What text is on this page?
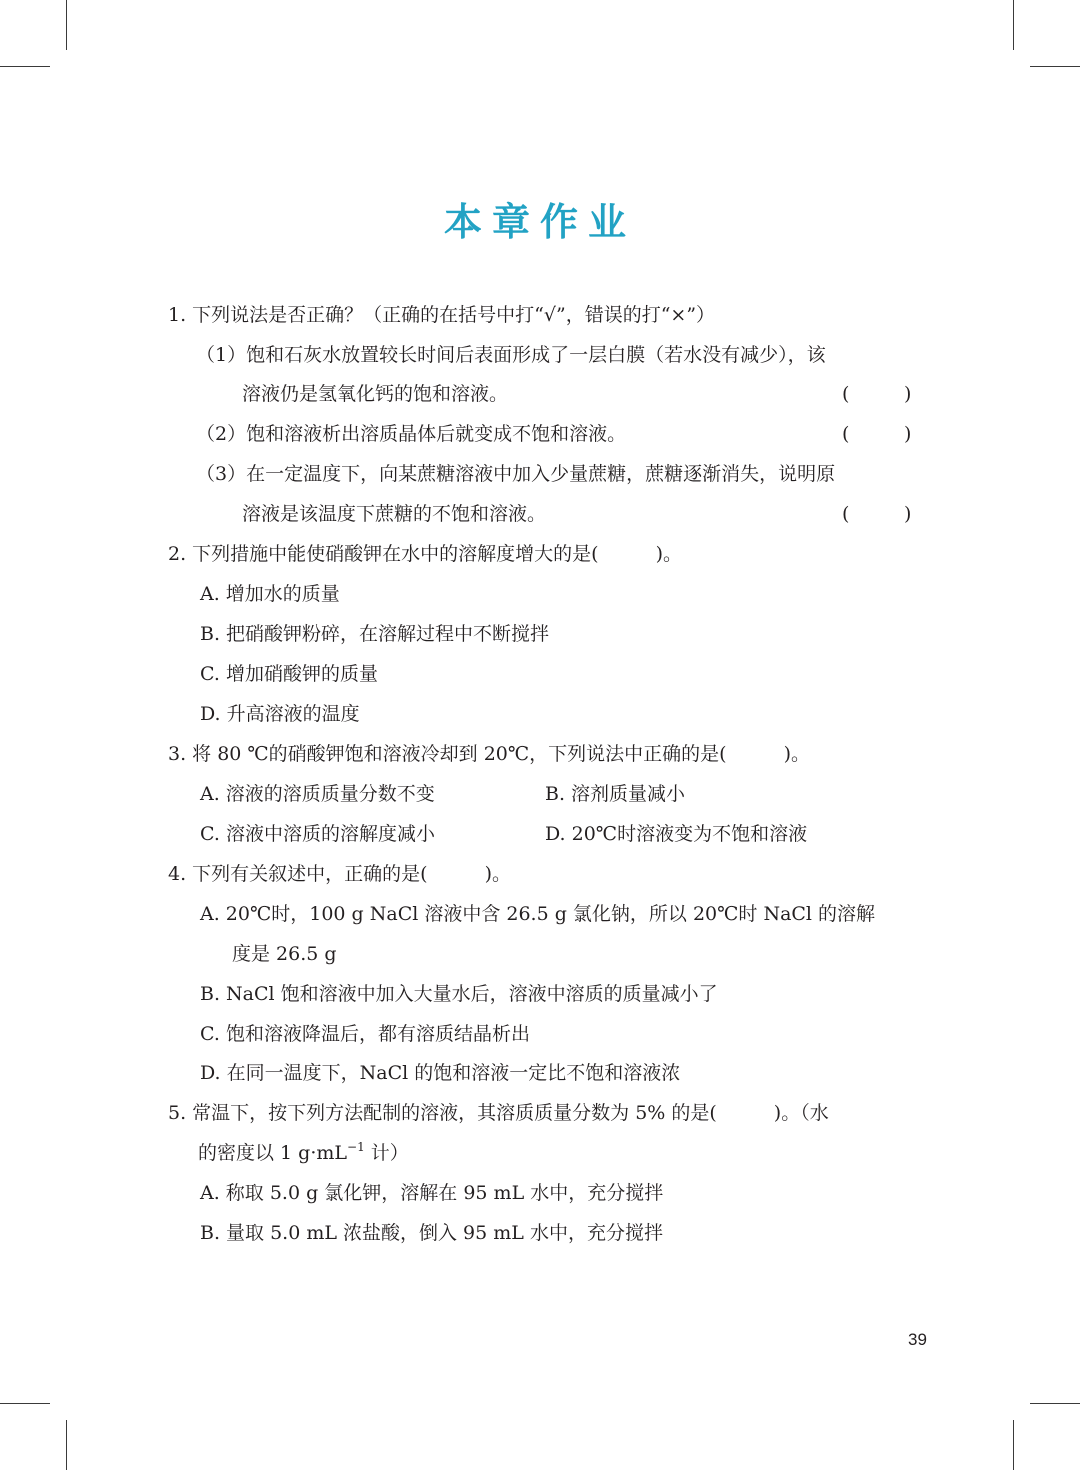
本章作业
1. 下列说法是否正确？（正确的在括号中打“√”，错误的打“×”）
（1）饱和石灰水放置较长时间后表面形成了一层白膜（若水没有减少），该
溶液仍是氢氧化钙的饱和溶液。	(	)
（2）饱和溶液析出溶质晶体后就变成不饱和溶液。	(	)
（3）在一定温度下，向某蔗糖溶液中加入少量蔗糖，蔗糖逐渐消失，说明原
溶液是该温度下蔗糖的不饱和溶液。	(	)
2. 下列措施中能使硝酸钾在水中的溶解度增大的是(　　　)。
A. 增加水的质量
B. 把硝酸钾粉碎，在溶解过程中不断搅拌
C. 增加硝酸钾的质量
D. 升高溶液的温度
3. 将 80 ℃的硝酸钾饱和溶液冷却到 20℃，下列说法中正确的是(　　　)。
A. 溶液的溶质质量分数不变	B. 溶剂质量减小
C. 溶液中溶质的溶解度减小	D. 20℃时溶液变为不饱和溶液
4. 下列有关叙述中，正确的是(　　　)。
A. 20℃时，100 g NaCl 溶液中含 26.5 g 氯化钠，所以 20℃时 NaCl 的溶解
度是 26.5 g
B. NaCl 饱和溶液中加入大量水后，溶液中溶质的质量减小了
C. 饱和溶液降温后，都有溶质结晶析出
D. 在同一温度下，NaCl 的饱和溶液一定比不饱和溶液浓
5. 常温下，按下列方法配制的溶液，其溶质质量分数为 5% 的是(　　　)。（水
的密度以 1 $g\cdot mL^{-1}$ 计）
A. 称取 5.0 g 氯化钾，溶解在 95 mL 水中，充分搅拌
B. 量取 5.0 mL 浓盐酸，倒入 95 mL 水中，充分搅拌
39
